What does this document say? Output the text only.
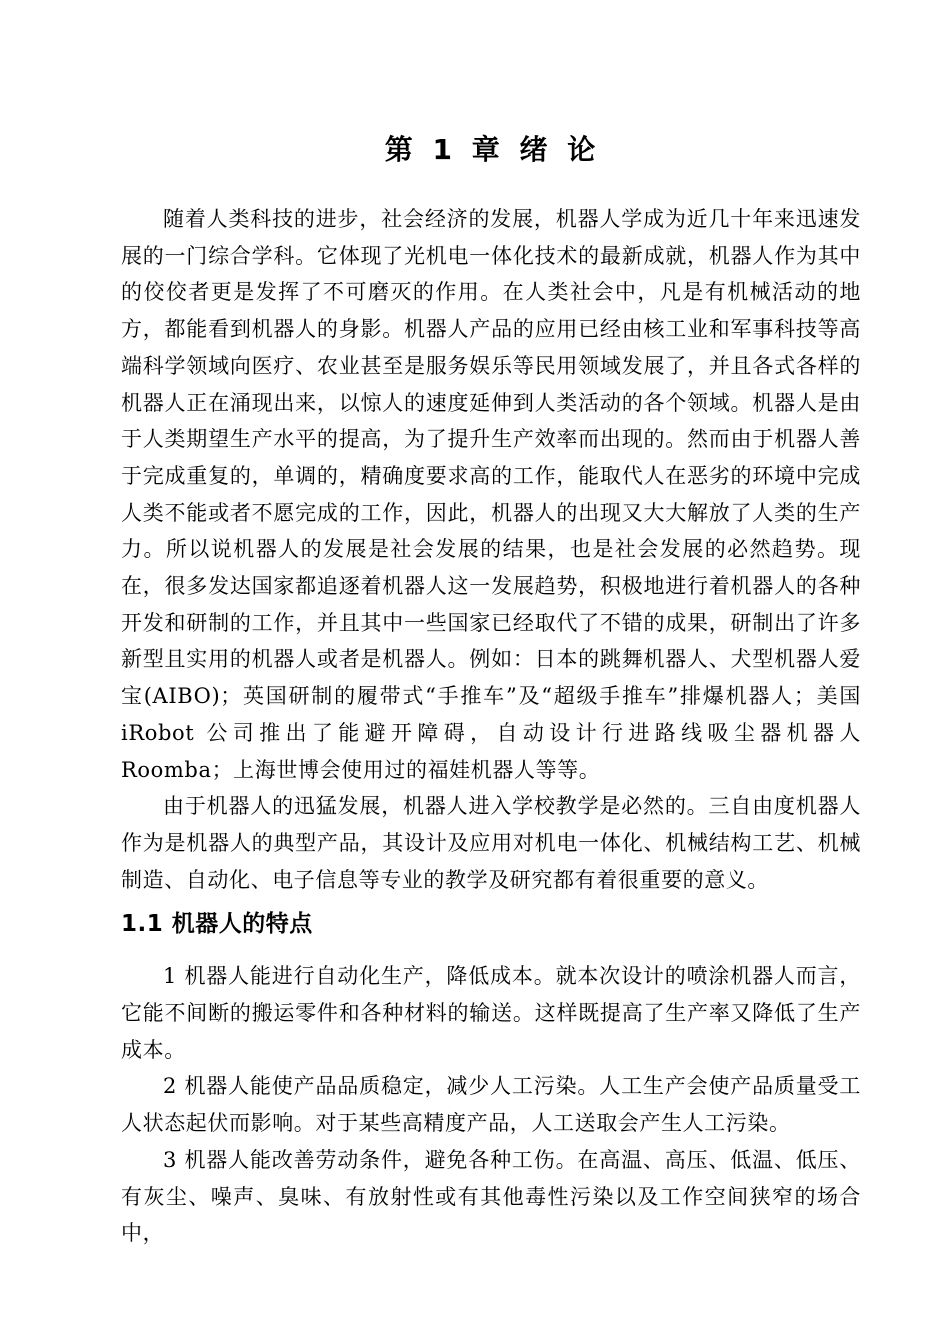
第 1 章 绪 论

随着人类科技的进步，社会经济的发展，机器人学成为近几十年来迅速发展的一门综合学科。它体现了光机电一体化技术的最新成就，机器人作为其中的佼佼者更是发挥了不可磨灭的作用。在人类社会中，凡是有机械活动的地方，都能看到机器人的身影。机器人产品的应用已经由核工业和军事科技等高端科学领域向医疗、农业甚至是服务娱乐等民用领域发展了，并且各式各样的机器人正在涌现出来，以惊人的速度延伸到人类活动的各个领域。机器人是由于人类期望生产水平的提高，为了提升生产效率而出现的。然而由于机器人善于完成重复的，单调的，精确度要求高的工作，能取代人在恶劣的环境中完成人类不能或者不愿完成的工作，因此，机器人的出现又大大解放了人类的生产力。所以说机器人的发展是社会发展的结果，也是社会发展的必然趋势。现在，很多发达国家都追逐着机器人这一发展趋势，积极地进行着机器人的各种开发和研制的工作，并且其中一些国家已经取代了不错的成果，研制出了许多新型且实用的机器人或者是机器人。例如：日本的跳舞机器人、犬型机器人爱宝(AIBO)；英国研制的履带式“手推车”及“超级手推车”排爆机器人；美国 iRobot 公司推出了能避开障碍，自动设计行进路线吸尘器机器人 Roomba；上海世博会使用过的福娃机器人等等。

由于机器人的迅猛发展，机器人进入学校教学是必然的。三自由度机器人作为是机器人的典型产品，其设计及应用对机电一体化、机械结构工艺、机械制造、自动化、电子信息等专业的教学及研究都有着很重要的意义。

1.1 机器人的特点

1 机器人能进行自动化生产，降低成本。就本次设计的喷涂机器人而言，它能不间断的搬运零件和各种材料的输送。这样既提高了生产率又降低了生产成本。

2 机器人能使产品品质稳定，减少人工污染。人工生产会使产品质量受工人状态起伏而影响。对于某些高精度产品，人工送取会产生人工污染。

3 机器人能改善劳动条件，避免各种工伤。在高温、高压、低温、低压、有灰尘、噪声、臭味、有放射性或有其他毒性污染以及工作空间狭窄的场合中，
